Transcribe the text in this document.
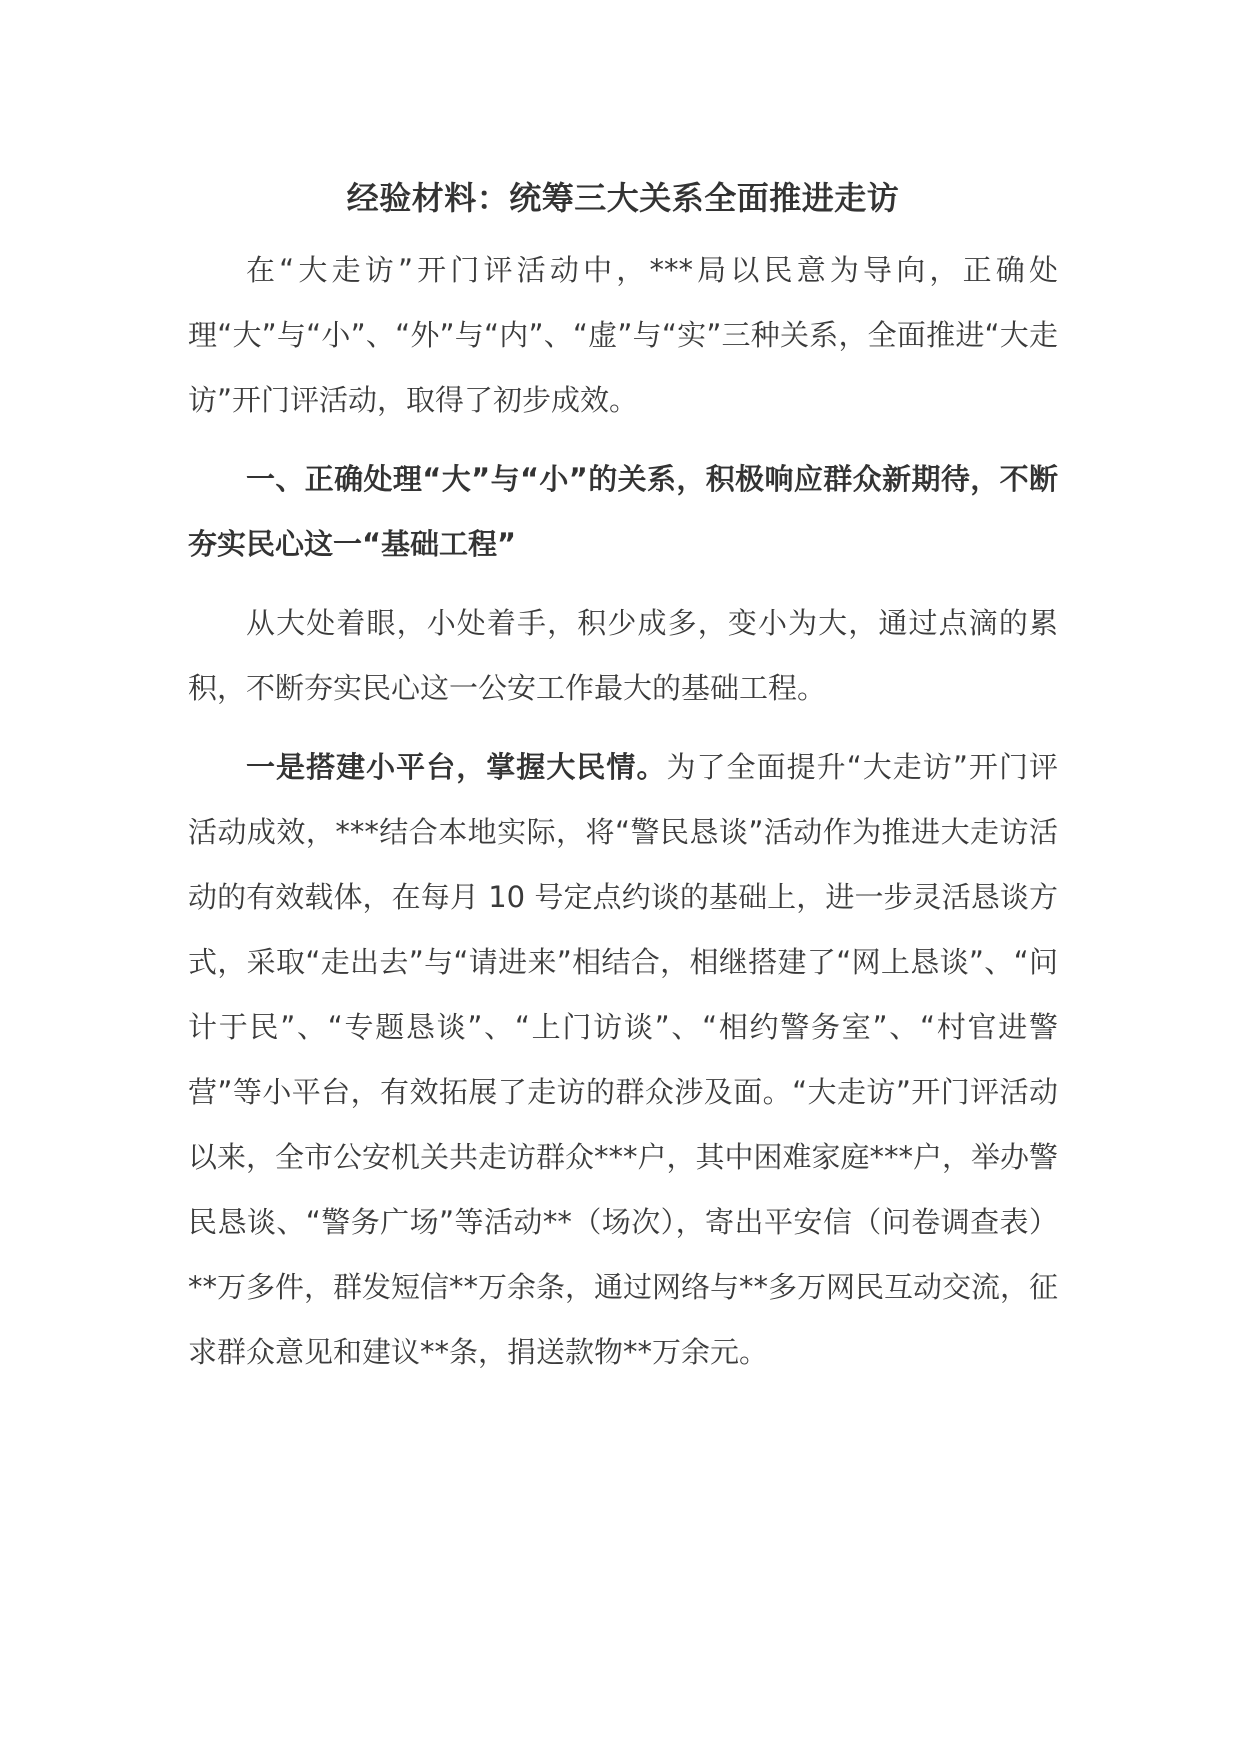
经验材料：统筹三大关系全面推进走访

在“大走访”开门评活动中，***局以民意为导向，正确处理“大”与“小”、“外”与“内”、“虚”与“实”三种关系，全面推进“大走访”开门评活动，取得了初步成效。

一、正确处理“大”与“小”的关系，积极响应群众新期待，不断夯实民心这一“基础工程”

从大处着眼，小处着手，积少成多，变小为大，通过点滴的累积，不断夯实民心这一公安工作最大的基础工程。

一是搭建小平台，掌握大民情。为了全面提升“大走访”开门评活动成效，***结合本地实际，将“警民恳谈”活动作为推进大走访活动的有效载体，在每月 10 号定点约谈的基础上，进一步灵活恳谈方式，采取“走出去”与“请进来”相结合，相继搭建了“网上恳谈”、“问计于民”、“专题恳谈”、“上门访谈”、“相约警务室”、“村官进警营”等小平台，有效拓展了走访的群众涉及面。“大走访”开门评活动以来，全市公安机关共走访群众***户，其中困难家庭***户，举办警民恳谈、“警务广场”等活动**（场次），寄出平安信（问卷调查表）**万多件，群发短信**万余条，通过网络与**多万网民互动交流，征求群众意见和建议**条，捐送款物**万余元。
